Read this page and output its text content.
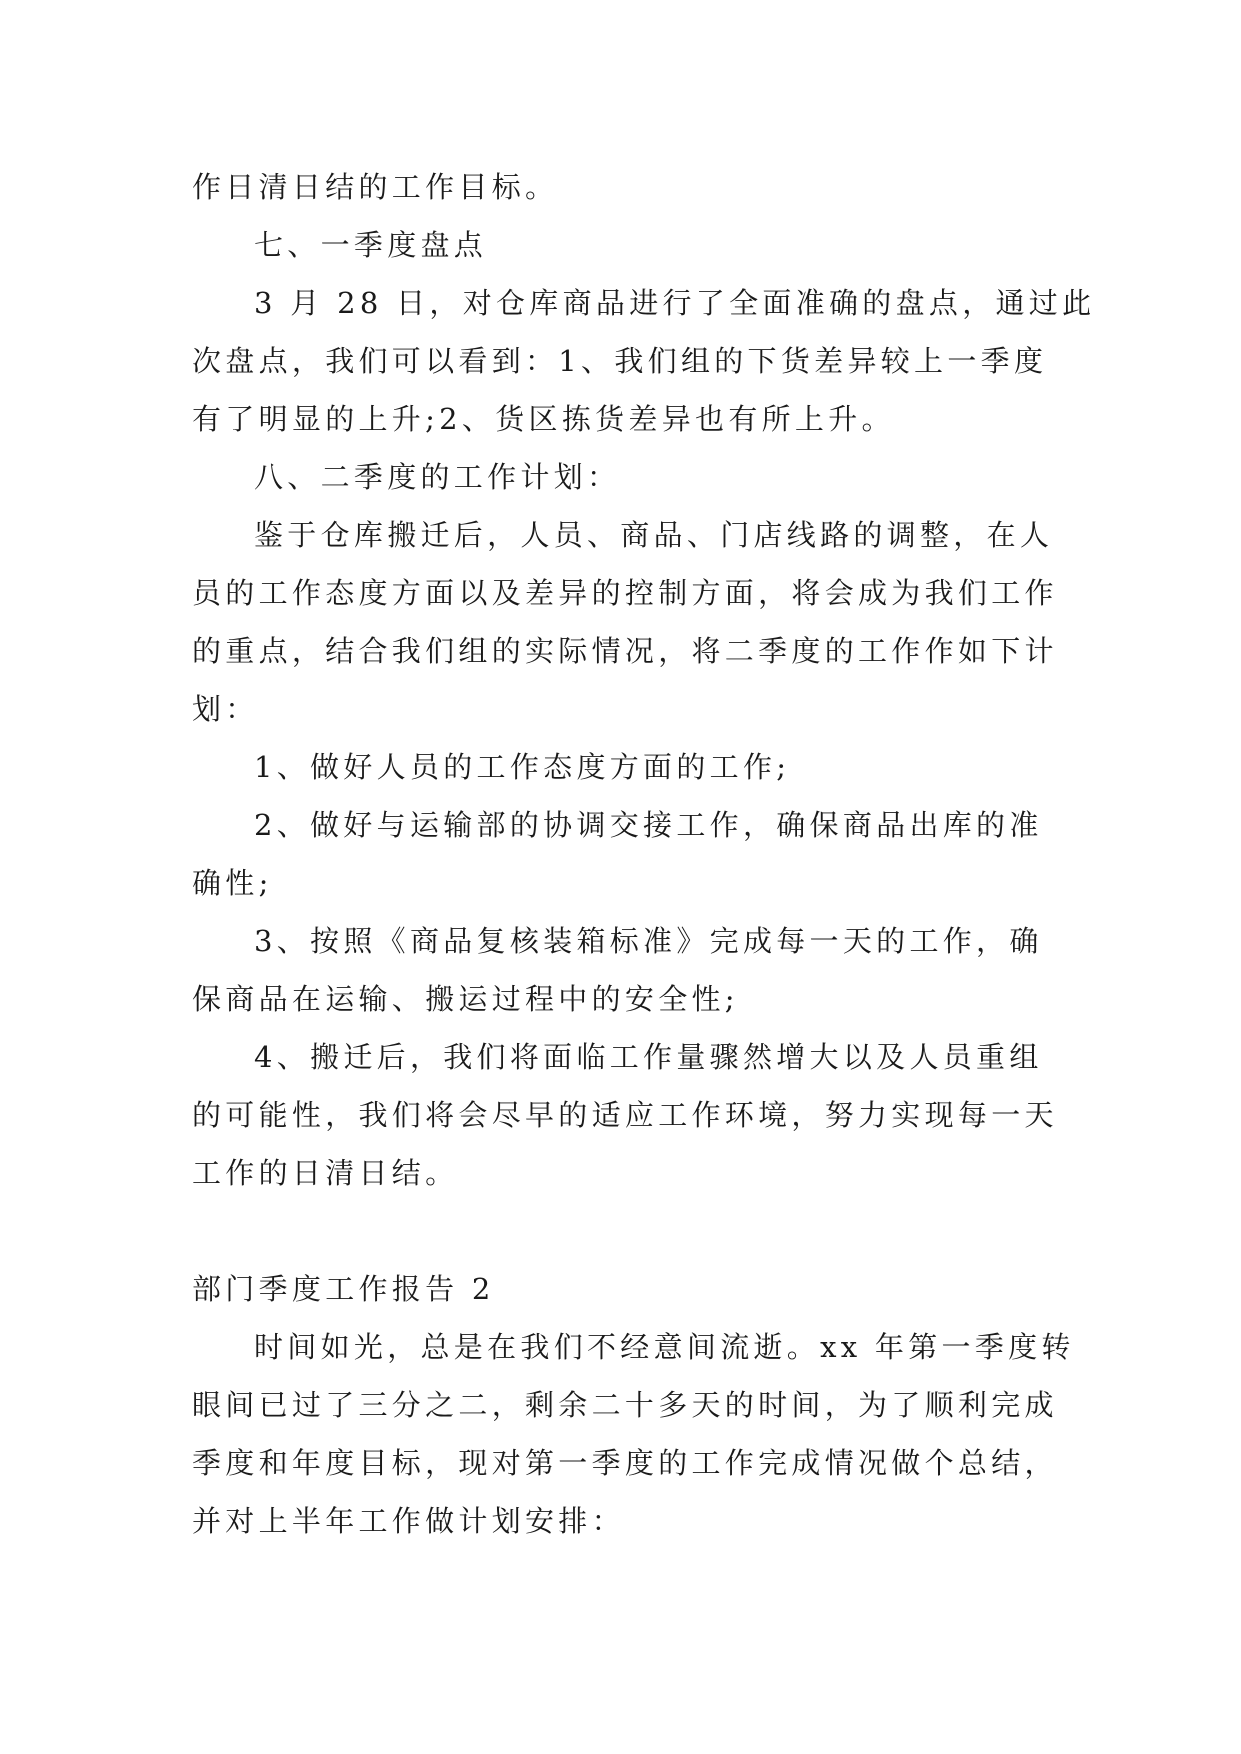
作日清日结的工作目标。
七、一季度盘点
3 月 28 日，对仓库商品进行了全面准确的盘点，通过此
次盘点，我们可以看到：1、我们组的下货差异较上一季度
有了明显的上升;2、货区拣货差异也有所上升。
八、二季度的工作计划：
鉴于仓库搬迁后，人员、商品、门店线路的调整，在人
员的工作态度方面以及差异的控制方面，将会成为我们工作
的重点，结合我们组的实际情况，将二季度的工作作如下计
划：
1、做好人员的工作态度方面的工作;
2、做好与运输部的协调交接工作，确保商品出库的准
确性;
3、按照《商品复核装箱标准》完成每一天的工作，确
保商品在运输、搬运过程中的安全性;
4、搬迁后，我们将面临工作量骤然增大以及人员重组
的可能性，我们将会尽早的适应工作环境，努力实现每一天
工作的日清日结。
部门季度工作报告 2
时间如光，总是在我们不经意间流逝。xx 年第一季度转
眼间已过了三分之二，剩余二十多天的时间，为了顺利完成
季度和年度目标，现对第一季度的工作完成情况做个总结，
并对上半年工作做计划安排：
